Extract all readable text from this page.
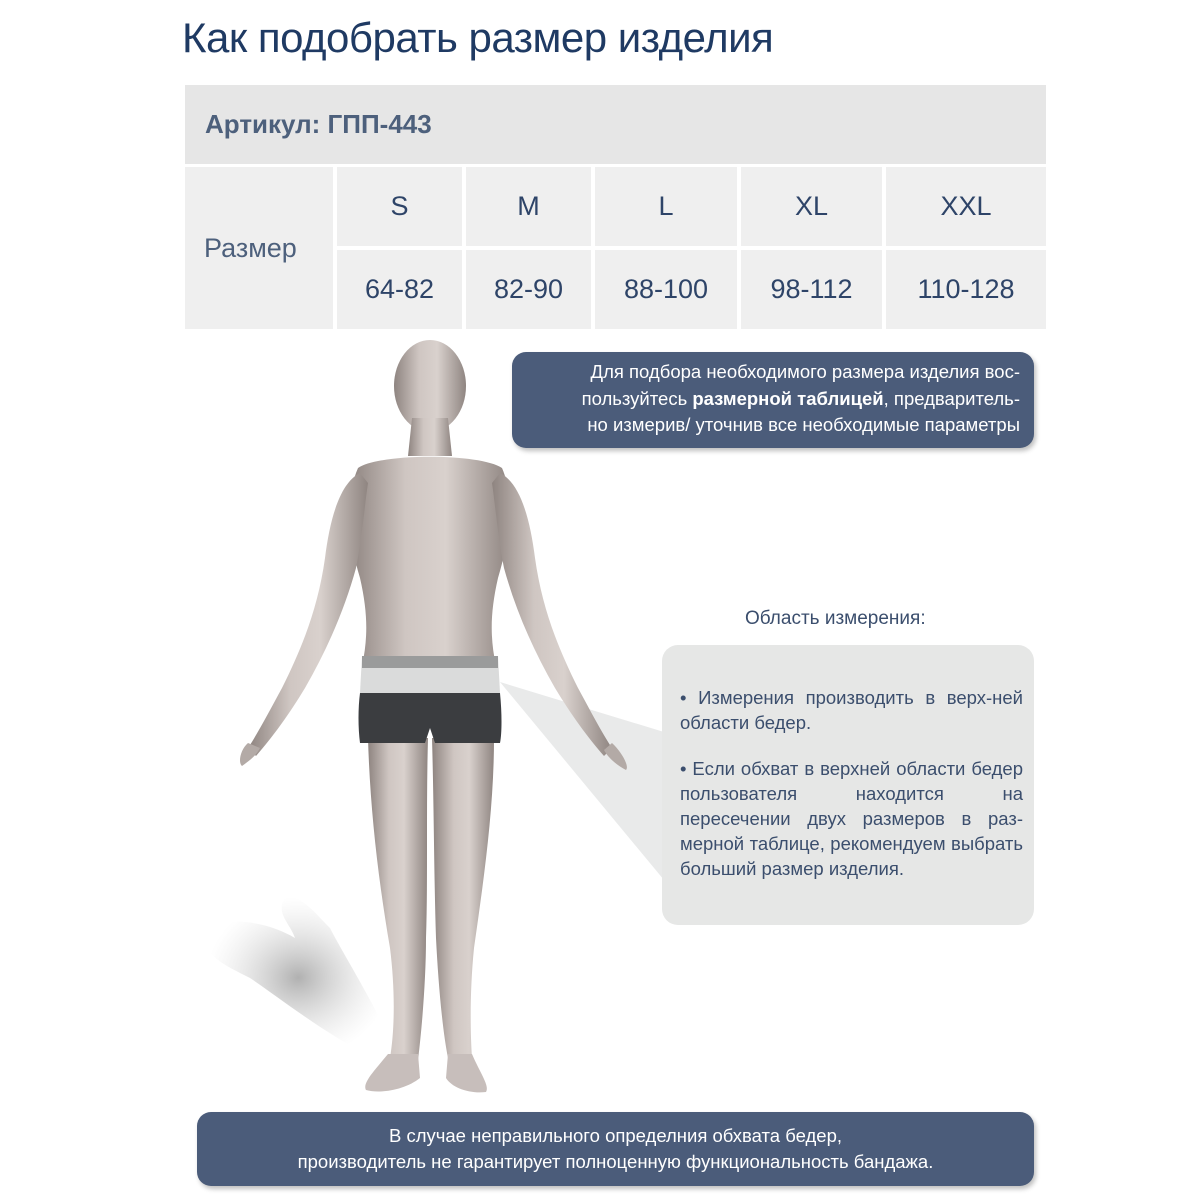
Как подобрать размер изделия
Артикул: ГПП-443
Размер
S	M	L	XL	XXL
64-82	82-90	88-100	98-112	110-128
Для подбора необходимого размера изделия вос-
пользуйтесь размерной таблицей, предваритель-
но измерив/ уточнив все необходимые параметры
Область измерения:

• Измерения производить в верх-ней области бедер.

• Если обхват в верхней области бедер пользователя находится на пересечении двух размеров в раз-мерной таблице, рекомендуем выбрать больший размер изделия.

В случае неправильного определния обхвата бедер,
производитель не гарантирует полноценную функциональность бандажа.
